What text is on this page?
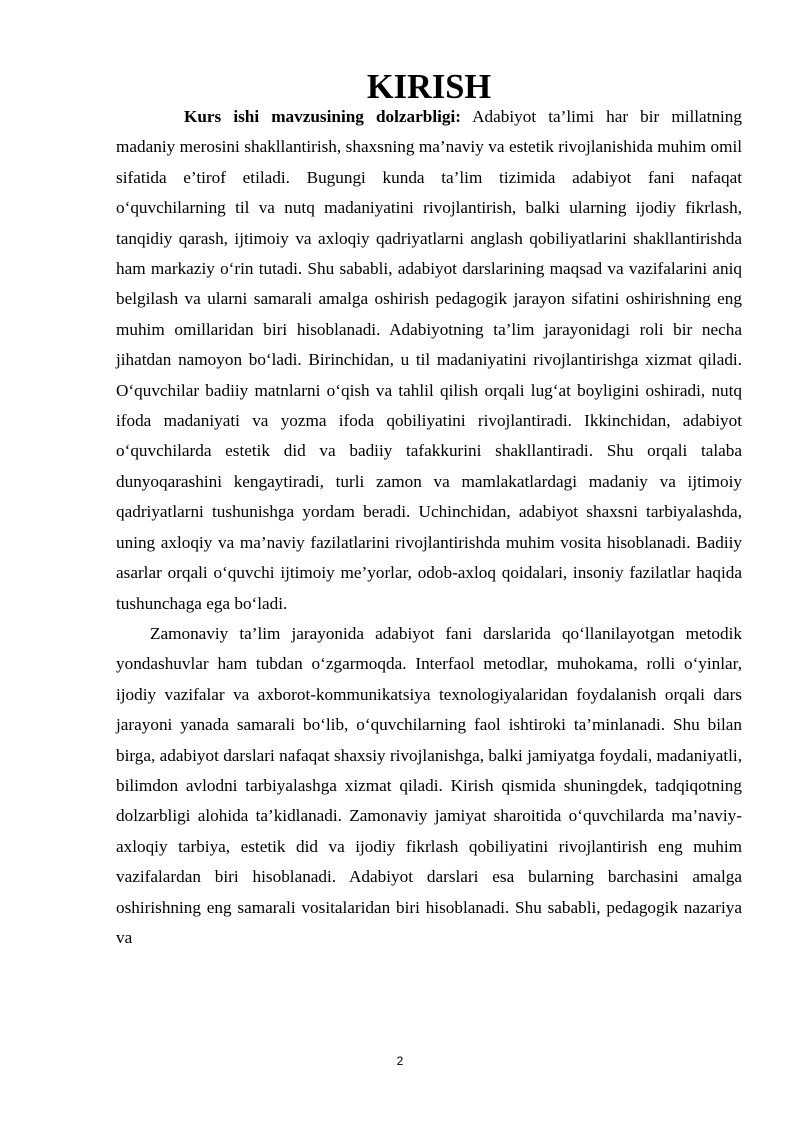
KIRISH

Kurs ishi mavzusining dolzarbligi: Adabiyot ta’limi har bir millatning madaniy merosini shakllantirish, shaxsning ma’naviy va estetik rivojlanishida muhim omil sifatida e’tirof etiladi. Bugungi kunda ta’lim tizimida adabiyot fani nafaqat o‘quvchilarning til va nutq madaniyatini rivojlantirish, balki ularning ijodiy fikrlash, tanqidiy qarash, ijtimoiy va axloqiy qadriyatlarni anglash qobiliyatlarini shakllantirishda ham markaziy o‘rin tutadi. Shu sababli, adabiyot darslarining maqsad va vazifalarini aniq belgilash va ularni samarali amalga oshirish pedagogik jarayon sifatini oshirishning eng muhim omillaridan biri hisoblanadi. Adabiyotning ta’lim jarayonidagi roli bir necha jihatdan namoyon bo‘ladi. Birinchidan, u til madaniyatini rivojlantirishga xizmat qiladi. O‘quvchilar badiiy matnlarni o‘qish va tahlil qilish orqali lug‘at boyligini oshiradi, nutq ifoda madaniyati va yozma ifoda qobiliyatini rivojlantiradi. Ikkinchidan, adabiyot o‘quvchilarda estetik did va badiiy tafakkurini shakllantiradi. Shu orqali talaba dunyoqarashini kengaytiradi, turli zamon va mamlakatlardagi madaniy va ijtimoiy qadriyatlarni tushunishga yordam beradi. Uchinchidan, adabiyot shaxsni tarbiyalashda, uning axloqiy va ma’naviy fazilatlarini rivojlantirishda muhim vosita hisoblanadi. Badiiy asarlar orqali o‘quvchi ijtimoiy me’yorlar, odob-axloq qoidalari, insoniy fazilatlar haqida tushunchaga ega bo‘ladi.

Zamonaviy ta’lim jarayonida adabiyot fani darslarida qo‘llanilayotgan metodik yondashuvlar ham tubdan o‘zgarmoqda. Interfaol metodlar, muhokama, rolli o‘yinlar, ijodiy vazifalar va axborot-kommunikatsiya texnologiyalaridan foydalanish orqali dars jarayoni yanada samarali bo‘lib, o‘quvchilarning faol ishtiroki ta’minlanadi. Shu bilan birga, adabiyot darslari nafaqat shaxsiy rivojlanishga, balki jamiyatga foydali, madaniyatli, bilimdon avlodni tarbiyalashga xizmat qiladi. Kirish qismida shuningdek, tadqiqotning dolzarbligi alohida ta’kidlanadi. Zamonaviy jamiyat sharoitida o‘quvchilarda ma’naviy-axloqiy tarbiya, estetik did va ijodiy fikrlash qobiliyatini rivojlantirish eng muhim vazifalardan biri hisoblanadi. Adabiyot darslari esa bularning barchasini amalga oshirishning eng samarali vositalaridan biri hisoblanadi. Shu sababli, pedagogik nazariya va

2
